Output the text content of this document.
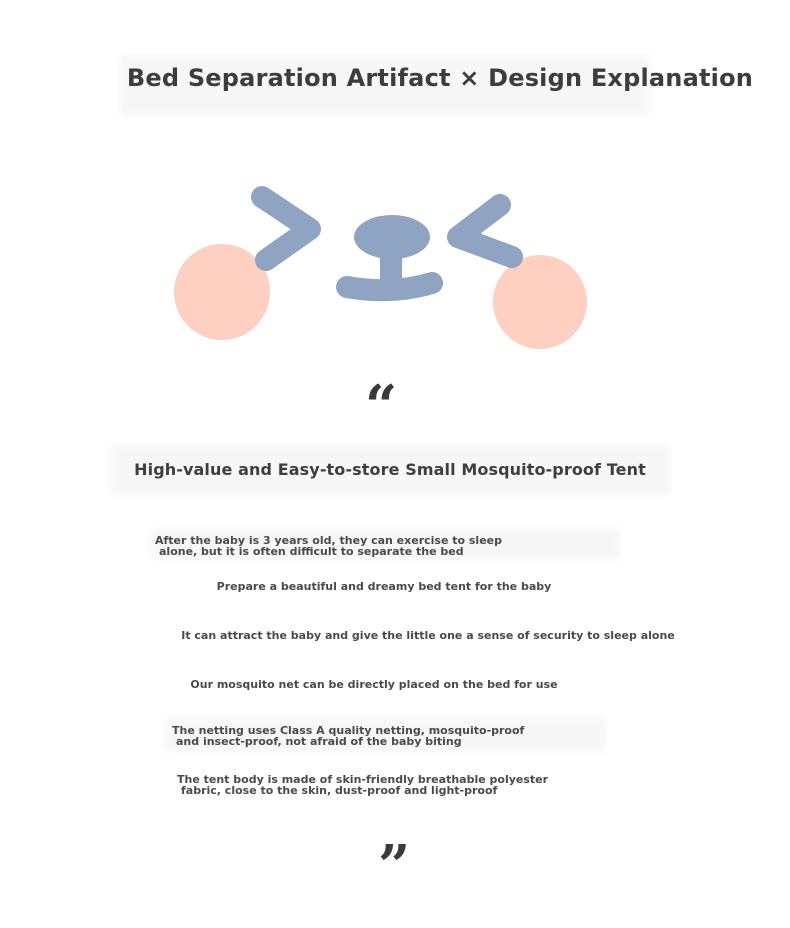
Bed Separation Artifact × Design Explanation
“
High-value and Easy-to-store Small Mosquito-proof Tent
After the baby is 3 years old, they can exercise to sleep
alone, but it is often difficult to separate the bed
Prepare a beautiful and dreamy bed tent for the baby
It can attract the baby and give the little one a sense of security to sleep alone
Our mosquito net can be directly placed on the bed for use
The netting uses Class A quality netting, mosquito-proof
and insect-proof, not afraid of the baby biting
The tent body is made of skin-friendly breathable polyester
fabric, close to the skin, dust-proof and light-proof
”
